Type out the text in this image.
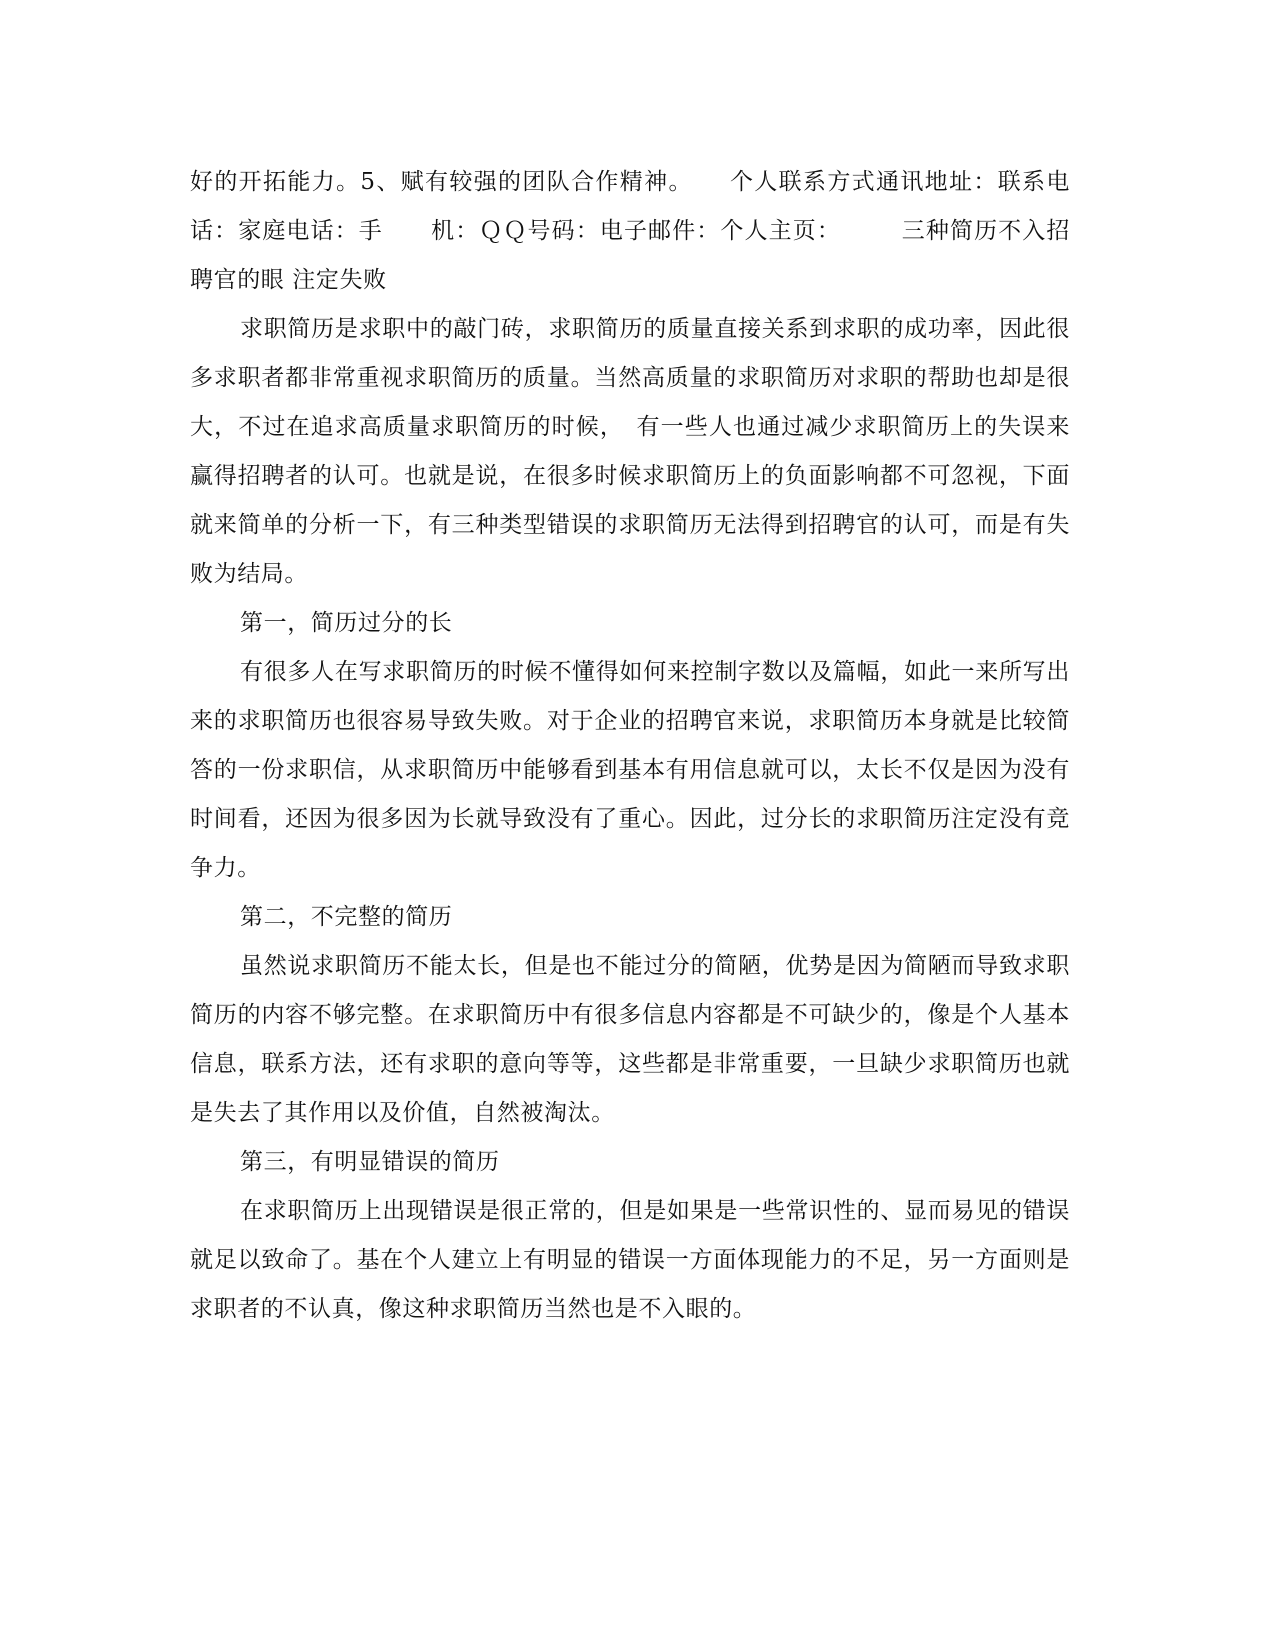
好的开拓能力。5、赋有较强的团队合作精神。　　个人联系方式通讯地址：联系电话：家庭电话：手　　机：ＱＱ号码：电子邮件：个人主页：　　　三种简历不入招聘官的眼 注定失败

求职简历是求职中的敲门砖，求职简历的质量直接关系到求职的成功率，因此很多求职者都非常重视求职简历的质量。当然高质量的求职简历对求职的帮助也却是很大，不过在追求高质量求职简历的时候，　有一些人也通过减少求职简历上的失误来赢得招聘者的认可。也就是说，在很多时候求职简历上的负面影响都不可忽视，下面就来简单的分析一下，有三种类型错误的求职简历无法得到招聘官的认可，而是有失败为结局。

第一，简历过分的长

有很多人在写求职简历的时候不懂得如何来控制字数以及篇幅，如此一来所写出来的求职简历也很容易导致失败。对于企业的招聘官来说，求职简历本身就是比较简答的一份求职信，从求职简历中能够看到基本有用信息就可以，太长不仅是因为没有时间看，还因为很多因为长就导致没有了重心。因此，过分长的求职简历注定没有竞争力。

第二，不完整的简历

虽然说求职简历不能太长，但是也不能过分的简陋，优势是因为简陋而导致求职简历的内容不够完整。在求职简历中有很多信息内容都是不可缺少的，像是个人基本信息，联系方法，还有求职的意向等等，这些都是非常重要，一旦缺少求职简历也就是失去了其作用以及价值，自然被淘汰。

第三，有明显错误的简历

在求职简历上出现错误是很正常的，但是如果是一些常识性的、显而易见的错误就足以致命了。基在个人建立上有明显的错误一方面体现能力的不足，另一方面则是求职者的不认真，像这种求职简历当然也是不入眼的。
